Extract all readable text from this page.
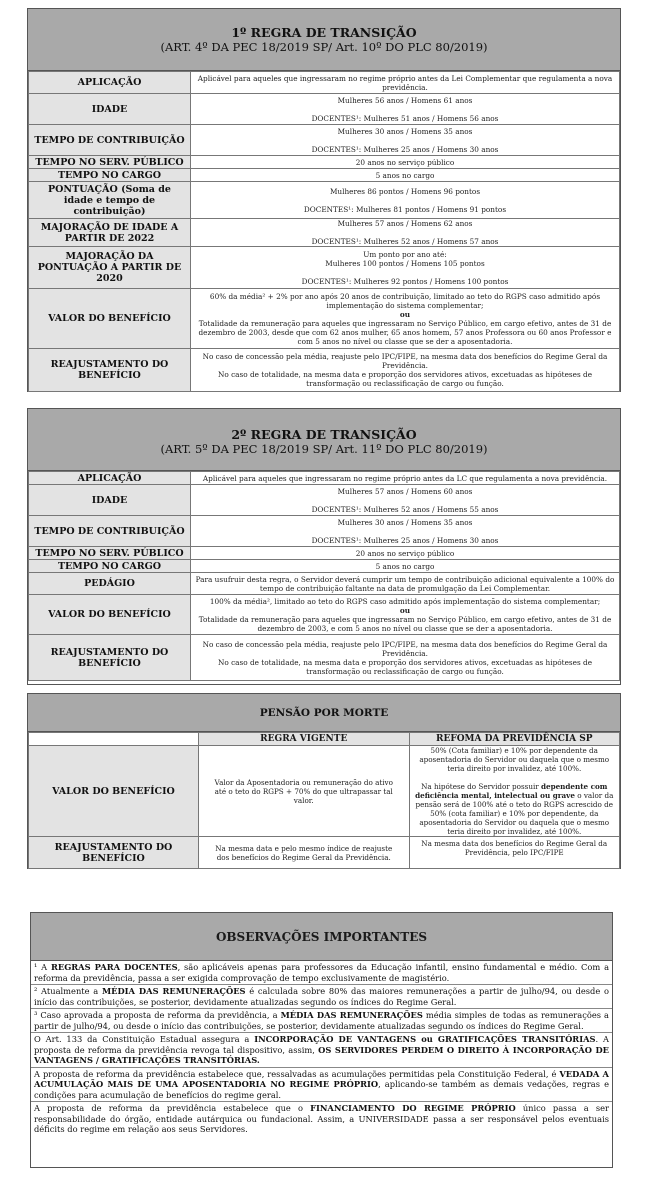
1º REGRA DE TRANSIÇÃO
(ART. 4º DA PEC 18/2019 SP/ Art. 10º DO PLC 80/2019)
APLICAÇÃO	Aplicável para aqueles que ingressaram no regime próprio antes da Lei Complementar que regulamenta a nova previdência.
IDADE	Mulheres 56 anos / Homens 61 anos
DOCENTES¹: Mulheres 51 anos / Homens 56 anos
TEMPO DE CONTRIBUIÇÃO	Mulheres 30 anos / Homens 35 anos
DOCENTES¹: Mulheres 25 anos / Homens 30 anos
TEMPO NO SERV. PÚBLICO	20 anos no serviço público
TEMPO NO CARGO	5 anos no cargo
PONTUAÇÃO (Soma de idade e tempo de contribuição)	Mulheres 86 pontos / Homens 96 pontos
DOCENTES¹: Mulheres 81 pontos / Homens 91 pontos
MAJORAÇÃO DE IDADE A PARTIR DE 2022	Mulheres 57 anos / Homens 62 anos
DOCENTES¹: Mulheres 52 anos / Homens 57 anos
MAJORAÇÃO DA PONTUAÇÃO A PARTIR DE 2020	Um ponto por ano até:
Mulheres 100 pontos / Homens 105 pontos
DOCENTES¹: Mulheres 92 pontos / Homens 100 pontos
VALOR DO BENEFÍCIO	60% da média² + 2% por ano após 20 anos de contribuição, limitado ao teto do RGPS caso admitido após implementação do sistema complementar;
ou
Totalidade da remuneração para aqueles que ingressaram no Serviço Público, em cargo efetivo, antes de 31 de dezembro de 2003, desde que com 62 anos mulher, 65 anos homem, 57 anos Professora ou 60 anos Professor e com 5 anos no nível ou classe que se der a aposentadoria.
REAJUSTAMENTO DO BENEFÍCIO	No caso de concessão pela média, reajuste pelo IPC/FIPE, na mesma data dos benefícios do Regime Geral da Previdência.
No caso de totalidade, na mesma data e proporção dos servidores ativos, excetuadas as hipóteses de transformação ou reclassificação de cargo ou função.
2º REGRA DE TRANSIÇÃO
(ART. 5º DA PEC 18/2019 SP/ Art. 11º DO PLC 80/2019)
APLICAÇÃO	Aplicável para aqueles que ingressaram no regime próprio antes da LC que regulamenta a nova previdência.
IDADE	Mulheres 57 anos / Homens 60 anos
DOCENTES¹: Mulheres 52 anos / Homens 55 anos
TEMPO DE CONTRIBUIÇÃO	Mulheres 30 anos / Homens 35 anos
DOCENTES¹: Mulheres 25 anos / Homens 30 anos
TEMPO NO SERV. PÚBLICO	20 anos no serviço público
TEMPO NO CARGO	5 anos no cargo
PEDÁGIO	Para usufruir desta regra, o Servidor deverá cumprir um tempo de contribuição adicional equivalente a 100% do tempo de contribuição faltante na data de promulgação da Lei Complementar.
VALOR DO BENEFÍCIO	100% da média², limitado ao teto do RGPS caso admitido após implementação do sistema complementar;
ou
Totalidade da remuneração para aqueles que ingressaram no Serviço Público, em cargo efetivo, antes de 31 de dezembro de 2003, e com 5 anos no nível ou classe que se der a aposentadoria.
REAJUSTAMENTO DO BENEFÍCIO	No caso de concessão pela média, reajuste pelo IPC/FIPE, na mesma data dos benefícios do Regime Geral da Previdência.
No caso de totalidade, na mesma data e proporção dos servidores ativos, excetuadas as hipóteses de transformação ou reclassificação de cargo ou função.
PENSÃO POR MORTE
	REGRA VIGENTE	REFOMA DA PREVIDÊNCIA SP
VALOR DO BENEFÍCIO	Valor da Aposentadoria ou remuneração do ativo até o teto do RGPS + 70% do que ultrapassar tal valor.	50% (Cota familiar) e 10% por dependente da aposentadoria do Servidor ou daquela que o mesmo teria direito por invalidez, até 100%.
Na hipótese do Servidor possuir dependente com deficiência mental, intelectual ou grave o valor da pensão será de 100% até o teto do RGPS acrescido de 50% (cota familiar) e 10% por dependente, da aposentadoria do Servidor ou daquela que o mesmo teria direito por invalidez, até 100%.
REAJUSTAMENTO DO BENEFÍCIO	Na mesma data e pelo mesmo índice de reajuste dos benefícios do Regime Geral da Previdência.	Na mesma data dos benefícios do Regime Geral da Previdência, pelo IPC/FIPE
OBSERVAÇÕES IMPORTANTES
¹ A REGRAS PARA DOCENTES, são aplicáveis apenas para professores da Educação infantil, ensino fundamental e médio. Com a reforma da previdência, passa a ser exigida comprovação de tempo exclusivamente de magistério.
² Atualmente a MÉDIA DAS REMUNERAÇÕES é calculada sobre 80% das maiores remunerações a partir de julho/94, ou desde o início das contribuições, se posterior, devidamente atualizadas segundo os índices do Regime Geral.
³ Caso aprovada a proposta de reforma da previdência, a MÉDIA DAS REMUNERAÇÕES média simples de todas as remunerações a partir de julho/94, ou desde o início das contribuições, se posterior, devidamente atualizadas segundo os índices do Regime Geral.
O Art. 133 da Constituição Estadual assegura a INCORPORAÇÃO DE VANTAGENS ou GRATIFICAÇÕES TRANSITÓRIAS. A proposta de reforma da previdência revoga tal dispositivo, assim, OS SERVIDORES PERDEM O DIREITO À INCORPORAÇÃO DE VANTAGENS / GRATIFICAÇÕES TRANSITÓRIAS.
A proposta de reforma da previdência estabelece que, ressalvadas as acumulações permitidas pela Constituição Federal, é VEDADA A ACUMULAÇÃO MAIS DE UMA APOSENTADORIA NO REGIME PRÓPRIO, aplicando-se também as demais vedações, regras e condições para acumulação de benefícios do regime geral.
A proposta de reforma da previdência estabelece que o FINANCIAMENTO DO REGIME PRÓPRIO único passa a ser responsabilidade do órgão, entidade autárquica ou fundacional. Assim, a UNIVERSIDADE passa a ser responsável pelos eventuais déficits do regime em relação aos seus Servidores.
